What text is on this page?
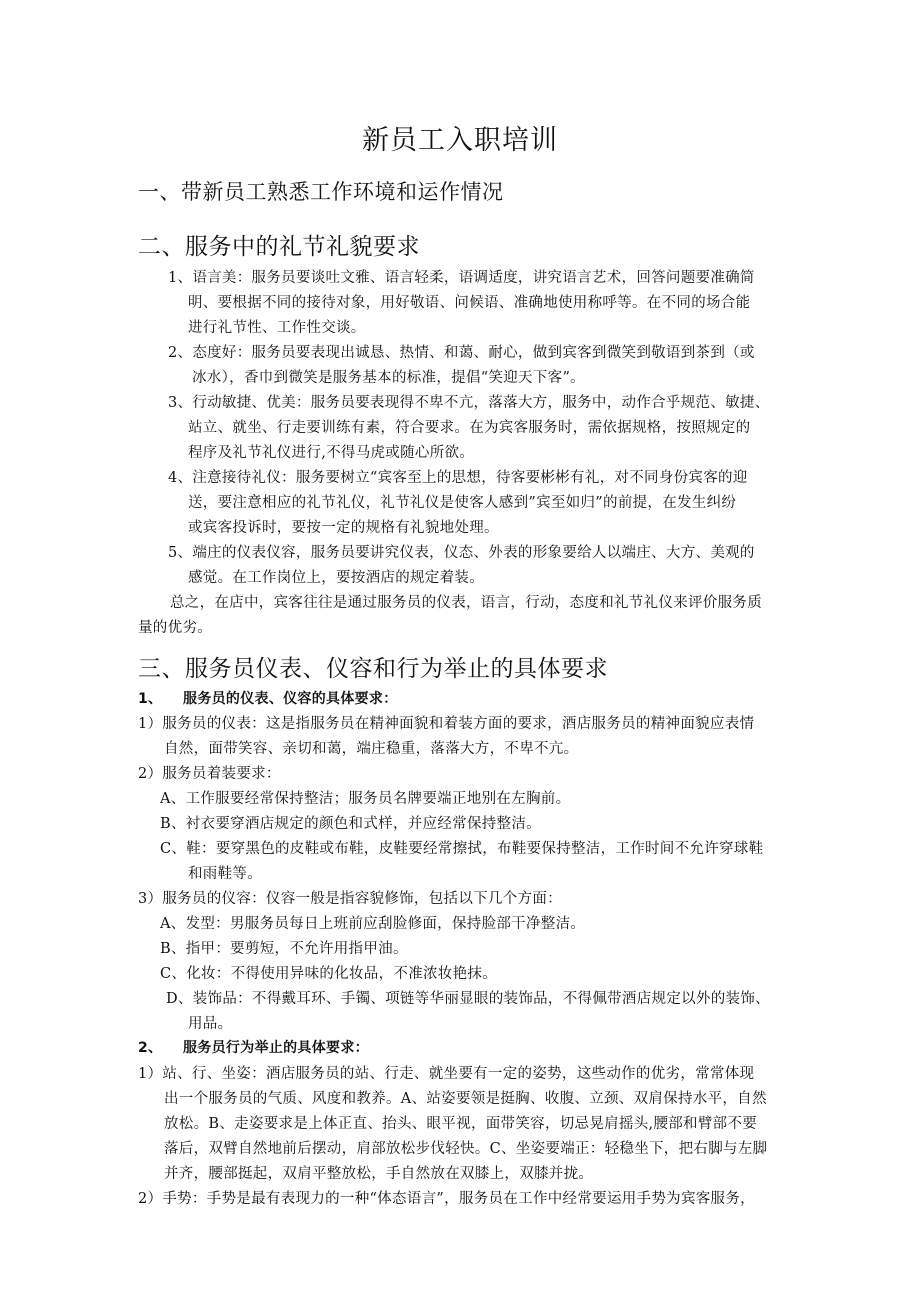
新员工入职培训
一、带新员工熟悉工作环境和运作情况
二、服务中的礼节礼貌要求
1、语言美：服务员要谈吐文雅、语言轻柔，语调适度，讲究语言艺术，回答问题要准确简
明、要根据不同的接待对象，用好敬语、问候语、准确地使用称呼等。在不同的场合能
进行礼节性、工作性交谈。
2、态度好：服务员要表现出诚恳、热情、和蔼、耐心，做到宾客到微笑到敬语到茶到（或
冰水），香巾到微笑是服务基本的标准，提倡“笑迎天下客”。
3、行动敏捷、优美：服务员要表现得不卑不亢，落落大方，服务中，动作合乎规范、敏捷、
站立、就坐、行走要训练有素，符合要求。在为宾客服务时，需依据规格，按照规定的
程序及礼节礼仪进行,不得马虎或随心所欲。
4、注意接待礼仪：服务要树立“宾客至上的思想，待客要彬彬有礼，对不同身份宾客的迎
送，要注意相应的礼节礼仪，礼节礼仪是使客人感到”宾至如归”的前提，在发生纠纷
或宾客投诉时，要按一定的规格有礼貌地处理。
5、端庄的仪表仪容，服务员要讲究仪表，仪态、外表的形象要给人以端庄、大方、美观的
感觉。在工作岗位上，要按酒店的规定着装。
总之，在店中，宾客往往是通过服务员的仪表，语言，行动，态度和礼节礼仪来评价服务质
量的优劣。
三、服务员仪表、仪容和行为举止的具体要求
1、    服务员的仪表、仪容的具体要求：
1）服务员的仪表：这是指服务员在精神面貌和着装方面的要求，酒店服务员的精神面貌应表情
自然，面带笑容、亲切和蔼，端庄稳重，落落大方，不卑不亢。
2）服务员着装要求：
A、工作服要经常保持整洁；服务员名牌要端正地别在左胸前。
B、衬衣要穿酒店规定的颜色和式样，并应经常保持整洁。
C、鞋：要穿黑色的皮鞋或布鞋，皮鞋要经常擦拭，布鞋要保持整洁，工作时间不允许穿球鞋
和雨鞋等。
3）服务员的仪容：仪容一般是指容貌修饰，包括以下几个方面：
A、发型：男服务员每日上班前应刮脸修面，保持脸部干净整洁。
B、指甲：要剪短，不允许用指甲油。
C、化妆：不得使用异味的化妆品，不准浓妆艳抹。
D、装饰品：不得戴耳环、手镯、项链等华丽显眼的装饰品，不得佩带酒店规定以外的装饰、
用品。
2、    服务员行为举止的具体要求：
1）站、行、坐姿：酒店服务员的站、行走、就坐要有一定的姿势，这些动作的优劣，常常体现
出一个服务员的气质、风度和教养。A、站姿要领是挺胸、收腹、立颈、双肩保持水平，自然
放松。B、走姿要求是上体正直、抬头、眼平视，面带笑容，切忌晃肩摇头,腰部和臂部不要
落后，双臂自然地前后摆动，肩部放松步伐轻快。C、坐姿要端正：轻稳坐下，把右脚与左脚
并齐，腰部挺起，双肩平整放松，手自然放在双膝上，双膝并拢。
2）手势：手势是最有表现力的一种“体态语言”，服务员在工作中经常要运用手势为宾客服务，
